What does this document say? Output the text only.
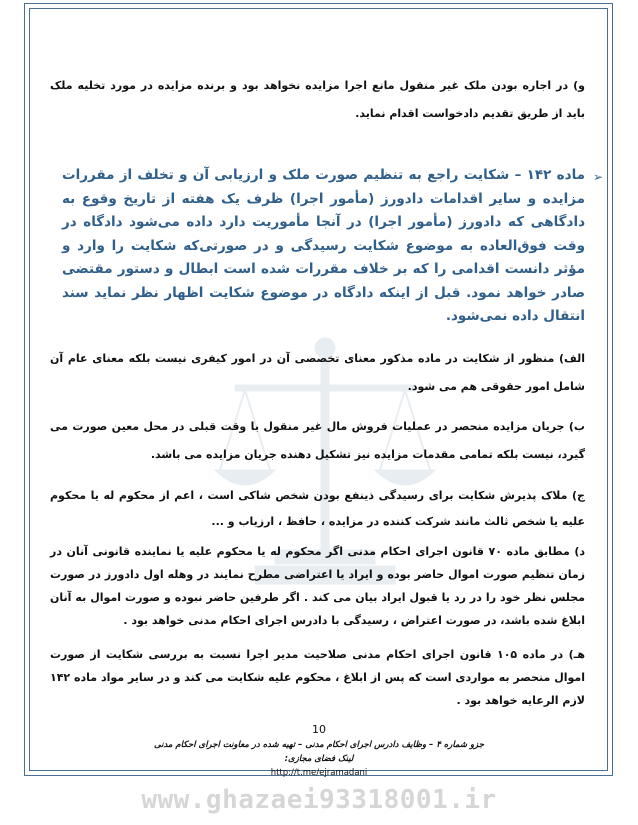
و) در اجاره بودن ملک غیر منقول مانع اجرا مزایده نخواهد بود و برنده مزایده در مورد تخلیه ملک باید از طریق تقدیم دادخواست اقدام نماید.
➢
ماده ۱۴۲ – شکایت راجع به تنظیم صورت ملک و ارزیابی آن و تخلف از مقررات مزایده و سایر اقدامات دادورز (مأمور اجرا) ظرف یک هفته از تاریخ وقوع به دادگاهی که دادورز (مأمور اجرا) در آنجا مأموریت دارد داده می‌شود دادگاه در وقت فوق‌العاده به موضوع شکایت رسیدگی و در صورتی‌که شکایت را وارد و مؤثر دانست اقدامی را که بر خلاف مقررات شده است ابطال و دستور مقتضی صادر خواهد نمود. قبل از اینکه دادگاه در موضوع شکایت اظهار نظر نماید سند انتقال داده نمی‌شود.
الف) منظور از شکایت در ماده مذکور معنای تخصصی آن در امور کیفری نیست بلکه معنای عام آن شامل امور حقوقی هم می شود.
ب) جریان مزایده منحصر در عملیات فروش مال غیر منقول با وقت قبلی در محل معین صورت می گیرد، نیست بلکه تمامی مقدمات مزایده نیز تشکیل دهنده جریان مزایده می باشد.
ج) ملاک پذیرش شکایت برای رسیدگی ذینفع بودن شخص شاکی است ، اعم از محکوم له یا محکوم علیه یا شخص ثالث مانند شرکت کننده در مزایده ، حافظ ، ارزیاب و ...
د) مطابق ماده ۷۰ قانون اجرای احکام مدنی اگر محکوم له یا محکوم علیه یا نماینده قانونی آنان در زمان تنظیم صورت اموال حاضر بوده و ایراد یا اعتراضی مطرح نمایند در وهله اول دادورز در صورت مجلس نظر خود را در رد یا قبول ایراد بیان می کند . اگر طرفین حاضر نبوده و صورت اموال به آنان ابلاغ شده باشد، در صورت اعتراض ، رسیدگی با دادرس اجرای احکام مدنی خواهد بود .
هـ) در ماده ۱۰۵ قانون اجرای احکام مدنی صلاحیت مدیر اجرا نسبت به بررسی شکایت از صورت اموال منحصر به مواردی است که پس از ابلاغ ، محکوم علیه شکایت می کند و در سایر مواد ماده ۱۴۲ لازم الرعایه خواهد بود .
10
جزو شماره ۴ – وظایف دادرس اجرای احکام مدنی – تهیه شده در معاونت اجرای احکام مدنی
لینک فضای مجازی:
http://t.me/ejramadani
www.ghazaei93318001.ir
